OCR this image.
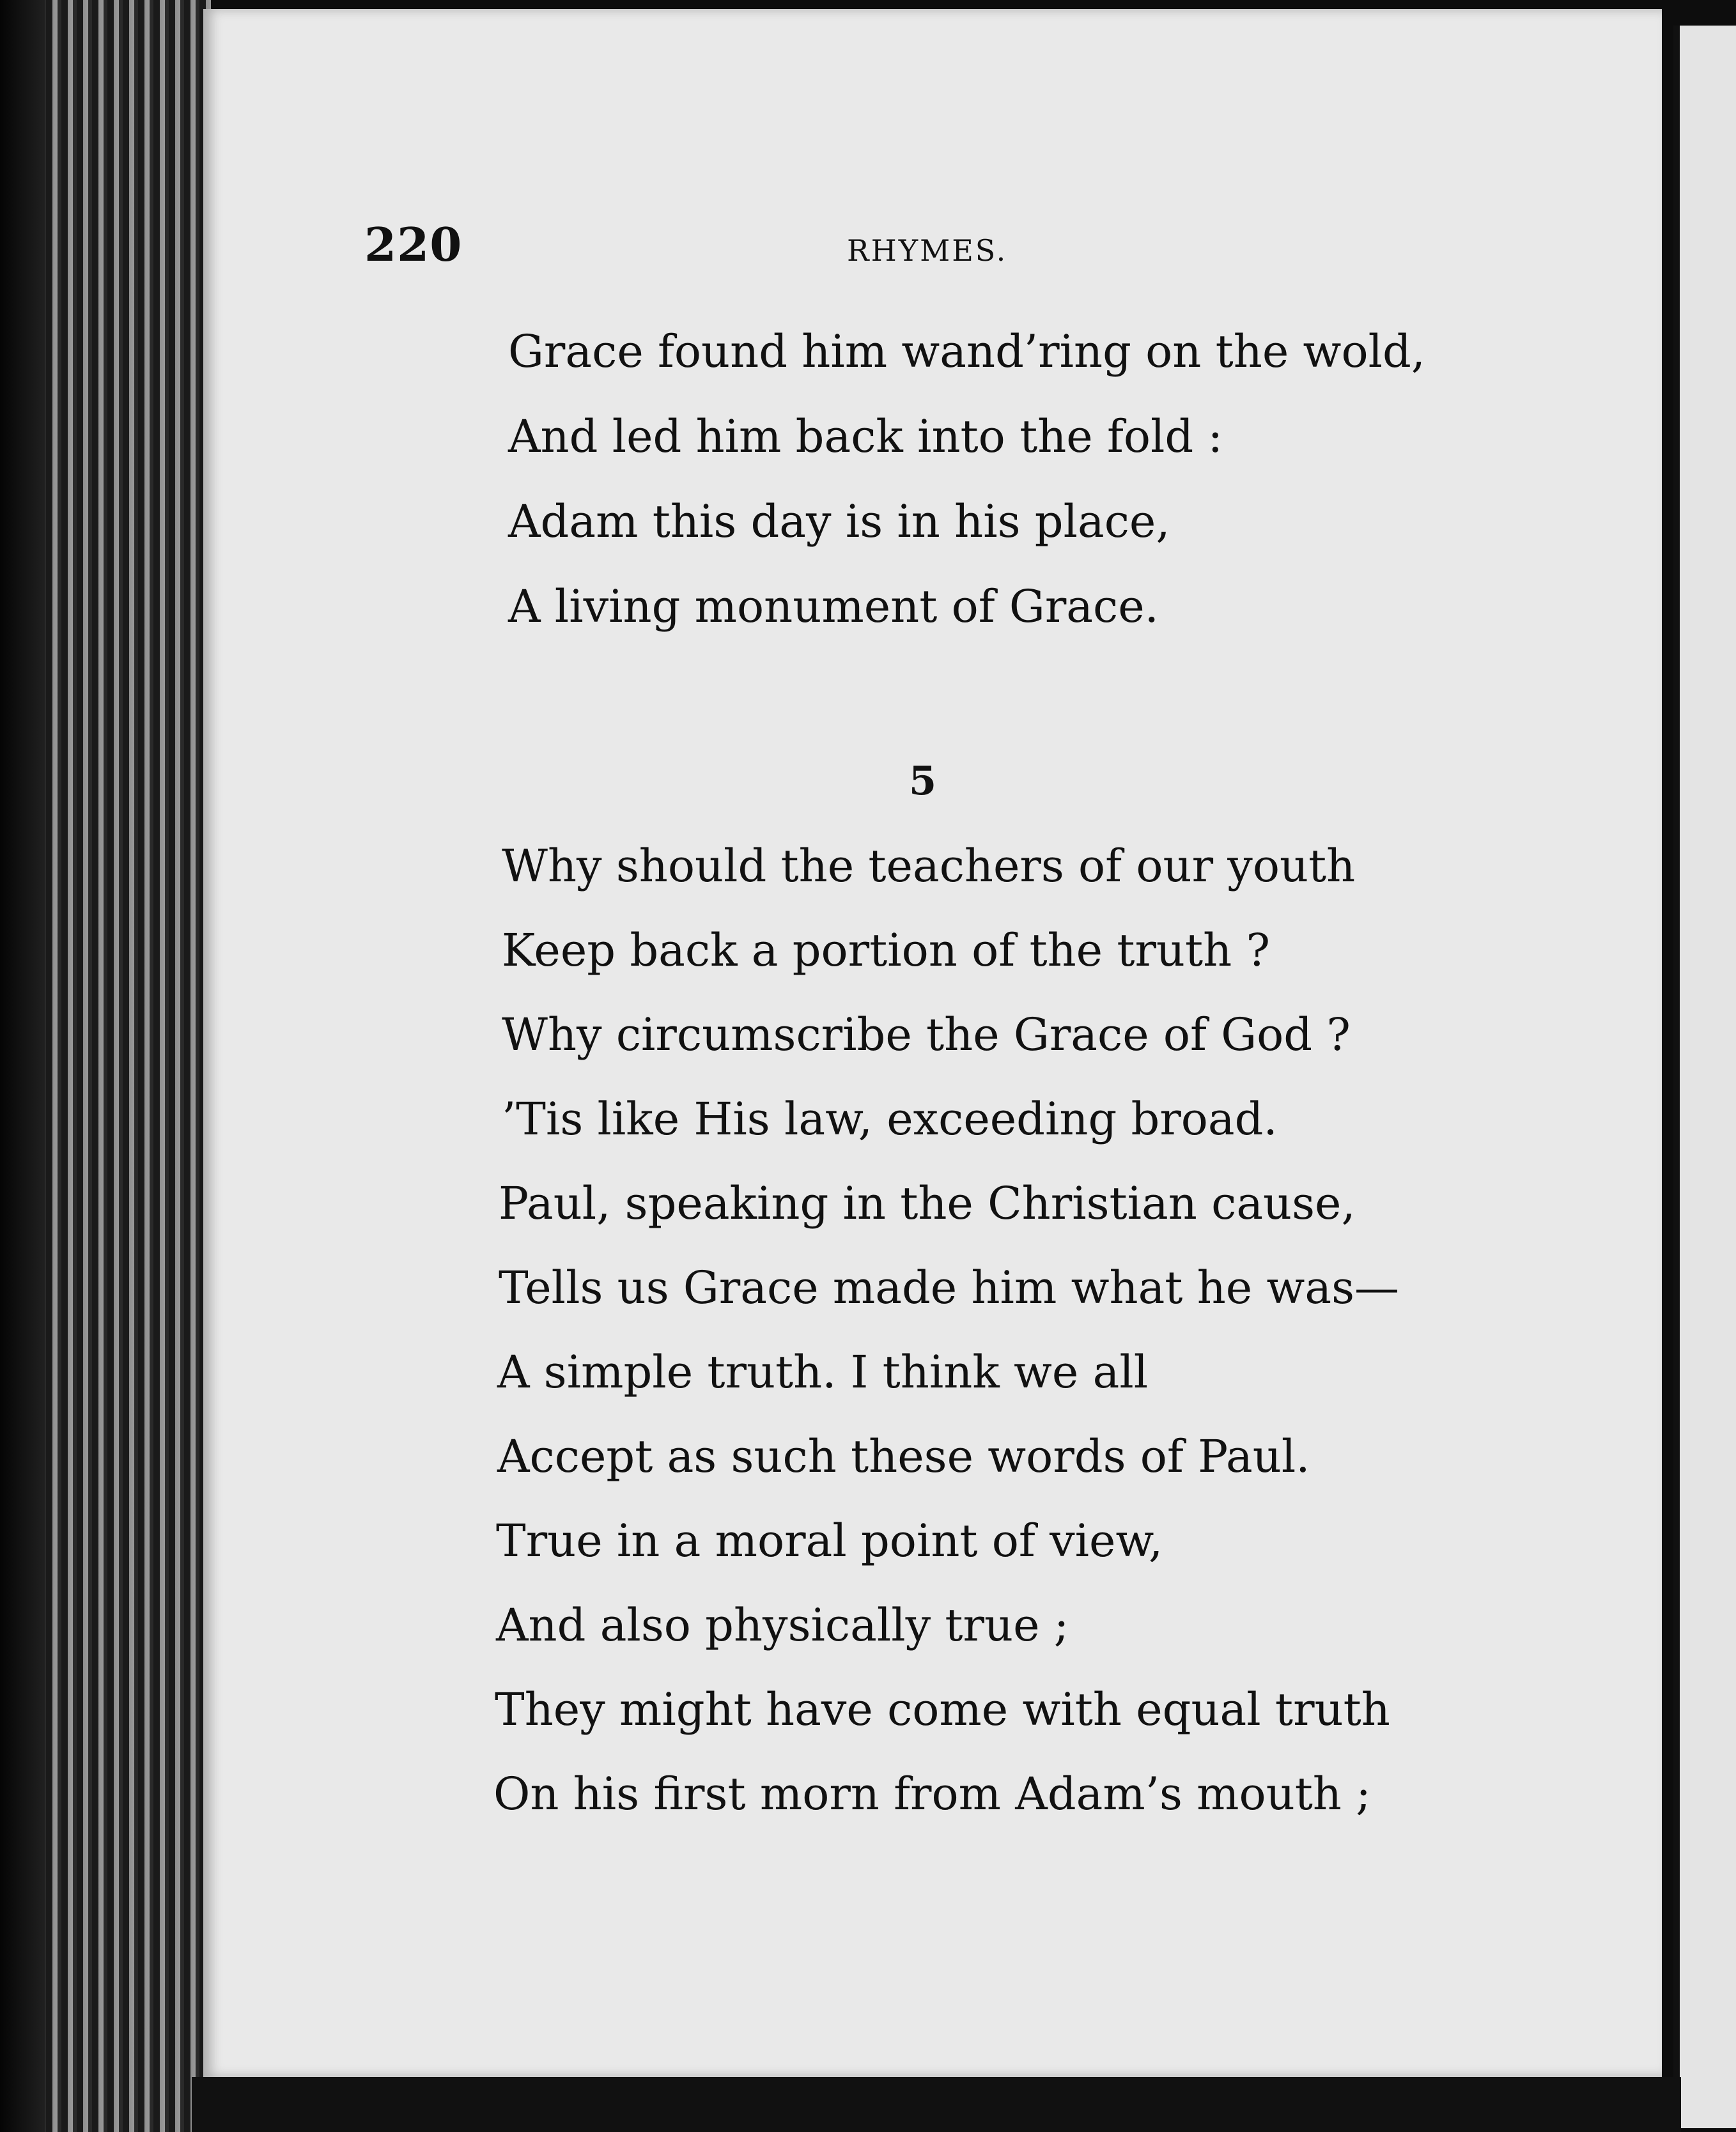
220	RHYMES.
Grace found him wand’ring on the wold,
And led him back into the fold :
Adam this day is in his place,
A living monument of Grace.
5
Why should the teachers of our youth
Keep back a portion of the truth ?
Why circumscribe the Grace of God ?
’Tis like His law, exceeding broad.
Paul, speaking in the Christian cause,
Tells us Grace made him what he was—
A simple truth. I think we all
Accept as such these words of Paul.
True in a moral point of view,
And also physically true ;
They might have come with equal truth
On his first morn from Adam’s mouth ;
